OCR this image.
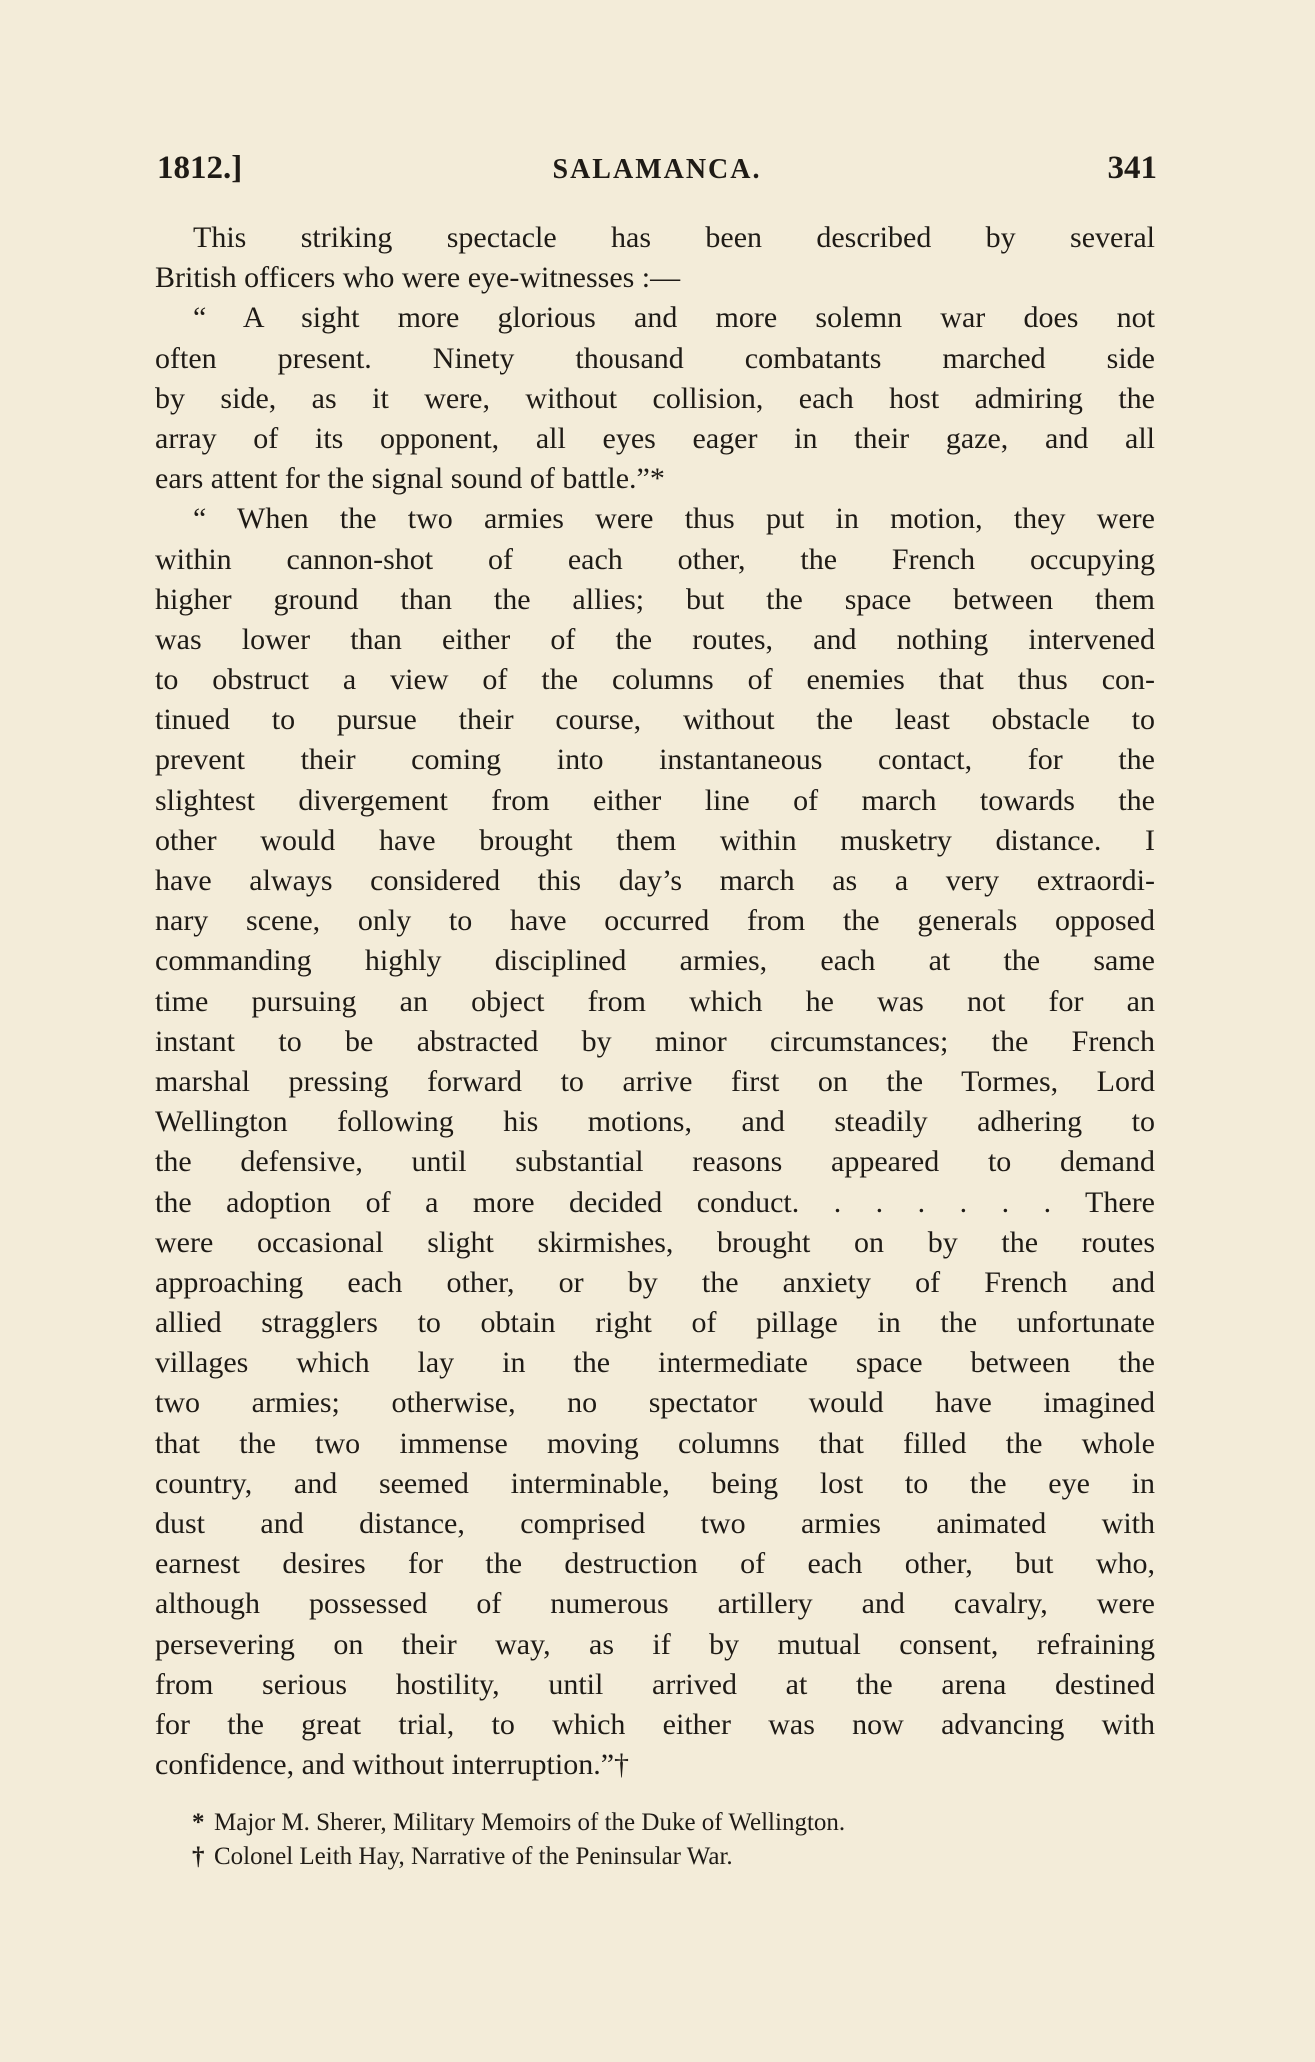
1812.]	SALAMANCA.	341
This striking spectacle has been described by several
British officers who were eye-witnesses :—
“ A sight more glorious and more solemn war does not
often present. Ninety thousand combatants marched side
by side, as it were, without collision, each host admiring the
array of its opponent, all eyes eager in their gaze, and all
ears attent for the signal sound of battle.”*
“ When the two armies were thus put in motion, they were
within cannon-shot of each other, the French occupying
higher ground than the allies; but the space between them
was lower than either of the routes, and nothing intervened
to obstruct a view of the columns of enemies that thus con-
tinued to pursue their course, without the least obstacle to
prevent their coming into instantaneous contact, for the
slightest divergement from either line of march towards the
other would have brought them within musketry distance. I
have always considered this day’s march as a very extraordi-
nary scene, only to have occurred from the generals opposed
commanding highly disciplined armies, each at the same
time pursuing an object from which he was not for an
instant to be abstracted by minor circumstances; the French
marshal pressing forward to arrive first on the Tormes, Lord
Wellington following his motions, and steadily adhering to
the defensive, until substantial reasons appeared to demand
the adoption of a more decided conduct. . . . . . . There
were occasional slight skirmishes, brought on by the routes
approaching each other, or by the anxiety of French and
allied stragglers to obtain right of pillage in the unfortunate
villages which lay in the intermediate space between the
two armies; otherwise, no spectator would have imagined
that the two immense moving columns that filled the whole
country, and seemed interminable, being lost to the eye in
dust and distance, comprised two armies animated with
earnest desires for the destruction of each other, but who,
although possessed of numerous artillery and cavalry, were
persevering on their way, as if by mutual consent, refraining
from serious hostility, until arrived at the arena destined
for the great trial, to which either was now advancing with
confidence, and without interruption.”†
* Major M. Sherer, Military Memoirs of the Duke of Wellington.
† Colonel Leith Hay, Narrative of the Peninsular War.
